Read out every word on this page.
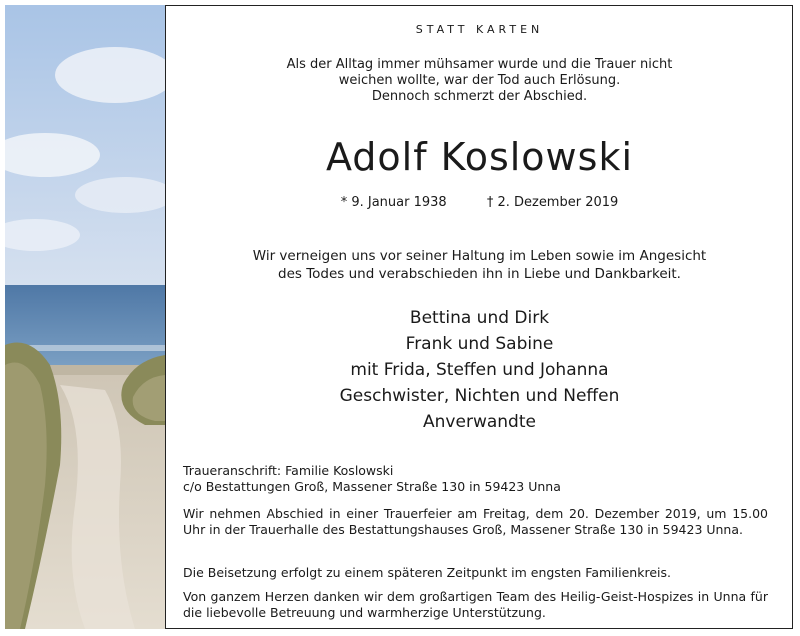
STATT KARTEN

Als der Alltag immer mühsamer wurde und die Trauer nicht

weichen wollte, war der Tod auch Erlösung.

Dennoch schmerzt der Abschied.

Adolf Koslowski
* 9. Januar 1938	† 2. Dezember 2019

Wir verneigen uns vor seiner Haltung im Leben sowie im Angesicht

des Todes und verabschieden ihn in Liebe und Dankbarkeit.

Bettina und Dirk

Frank und Sabine

mit Frida, Steffen und Johanna

Geschwister, Nichten und Neffen

Anverwandte

Traueranschrift: Familie Koslowski

c/o Bestattungen Groß, Massener Straße 130 in 59423 Unna

Wir nehmen Abschied in einer Trauerfeier am Freitag, dem 20. Dezember 2019, um 15.00 Uhr in der Trauerhalle des Bestattungshauses Groß, Massener Straße 130 in 59423 Unna.

Die Beisetzung erfolgt zu einem späteren Zeitpunkt im engsten Familienkreis.

Von ganzem Herzen danken wir dem großartigen Team des Heilig-Geist-Hospizes in Unna für die liebevolle Betreuung und warmherzige Unterstützung.
